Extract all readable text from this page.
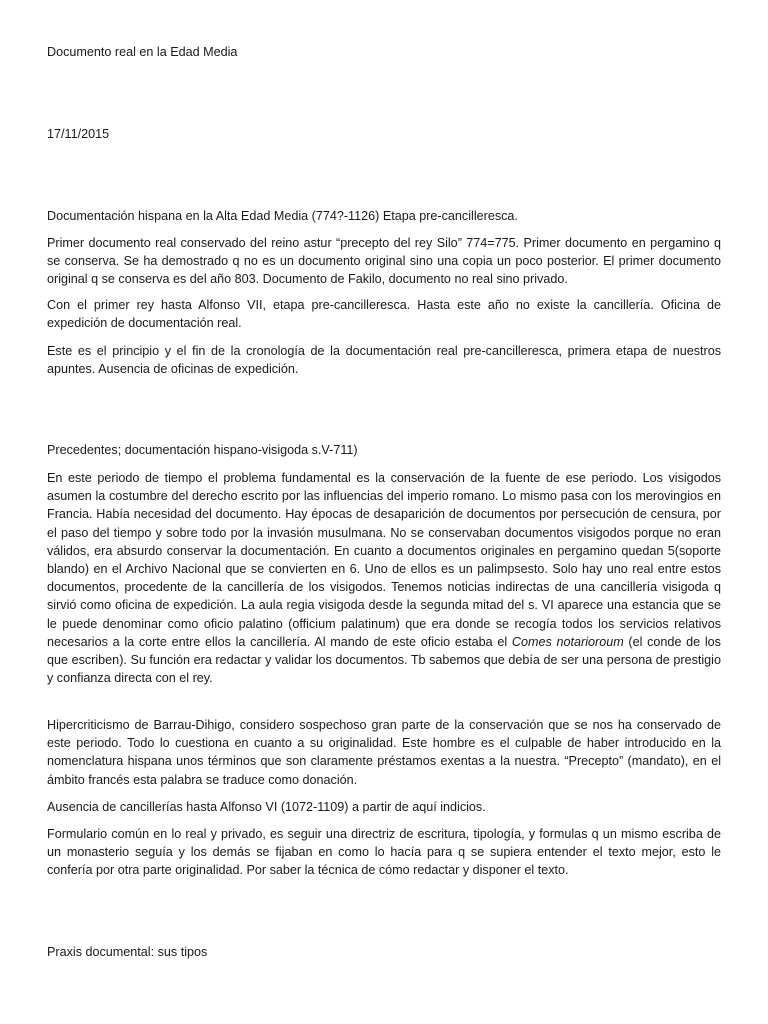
Documento real en la Edad Media

17/11/2015

Documentación hispana en la Alta Edad Media (774?-1126) Etapa pre-cancilleresca.

Primer documento real conservado del reino astur “precepto del rey Silo” 774=775. Primer documento en pergamino q se conserva. Se ha demostrado q no es un documento original sino una copia un poco posterior. El primer documento original q se conserva es del año 803. Documento de Fakilo, documento no real sino privado.

Con el primer rey hasta Alfonso VII, etapa pre-cancilleresca. Hasta este año no existe la cancillería. Oficina de expedición de documentación real.

Este es el principio y el fin de la cronología de la documentación real pre-cancilleresca, primera etapa de nuestros apuntes. Ausencia de oficinas de expedición.

Precedentes; documentación hispano-visigoda s.V-711)

En este periodo de tiempo el problema fundamental es la conservación de la fuente de ese periodo. Los visigodos asumen la costumbre del derecho escrito por las influencias del imperio romano. Lo mismo pasa con los merovingios en Francia. Había necesidad del documento. Hay épocas de desaparición de documentos por persecución de censura, por el paso del tiempo y sobre todo por la invasión musulmana. No se conservaban documentos visigodos porque no eran válidos, era absurdo conservar la documentación. En cuanto a documentos originales en pergamino quedan 5(soporte blando) en el Archivo Nacional que se convierten en 6. Uno de ellos es un palimpsesto. Solo hay uno real entre estos documentos, procedente de la cancillería de los visigodos. Tenemos noticias indirectas de una cancillería visigoda q sirvió como oficina de expedición. La aula regia visigoda desde la segunda mitad del s. VI aparece una estancia que se le puede denominar como oficio palatino (officium palatinum) que era donde se recogía todos los servicios relativos necesarios a la corte entre ellos la cancillería. Al mando de este oficio estaba el Comes notarioroum (el conde de los que escriben). Su función era redactar y validar los documentos. Tb sabemos que debía de ser una persona de prestigio y confianza directa con el rey.

Hipercriticismo de Barrau-Dihigo, considero sospechoso gran parte de la conservación que se nos ha conservado de este periodo. Todo lo cuestiona en cuanto a su originalidad. Este hombre es el culpable de haber introducido en la nomenclatura hispana unos términos que son claramente préstamos exentas a la nuestra. “Precepto” (mandato), en el ámbito francés esta palabra se traduce como donación.

Ausencia de cancillerías hasta Alfonso VI (1072-1109) a partir de aquí indicios.

Formulario común en lo real y privado, es seguir una directriz de escritura, tipología, y formulas q un mismo escriba de un monasterio seguía y los demás se fijaban en como lo hacía para q se supiera entender el texto mejor, esto le confería por otra parte originalidad. Por saber la técnica de cómo redactar y disponer el texto.

Praxis documental: sus tipos
